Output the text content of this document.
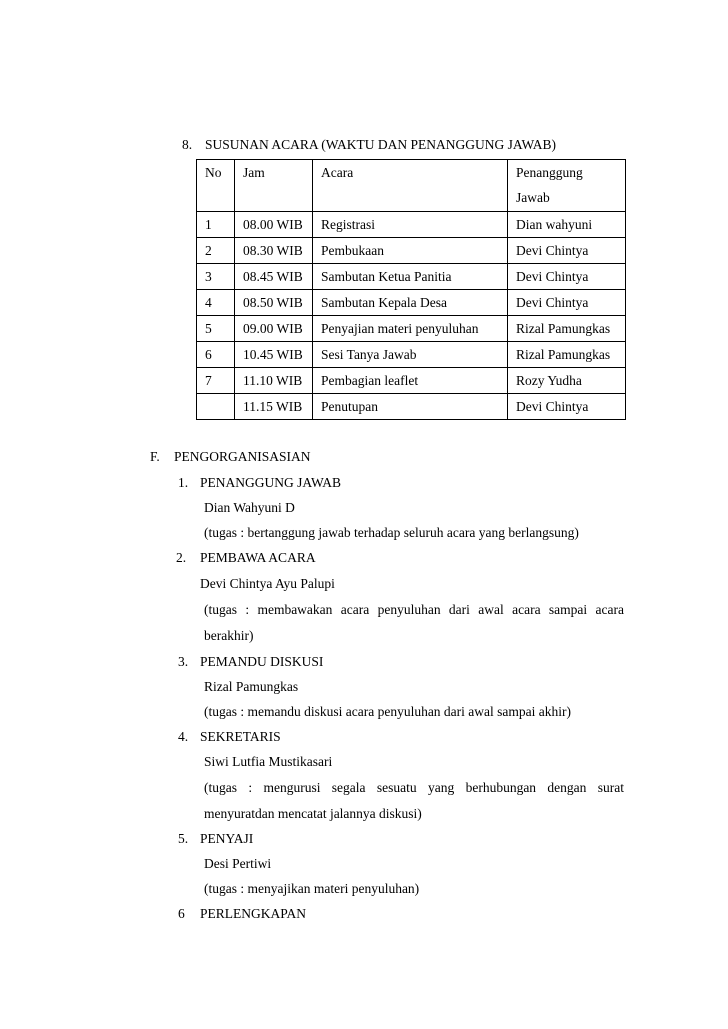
8. SUSUNAN ACARA (WAKTU DAN PENANGGUNG JAWAB)
No	Jam	Acara	Penanggung
Jawab
1	08.00 WIB	Registrasi	Dian wahyuni
2	08.30 WIB	Pembukaan	Devi Chintya
3	08.45 WIB	Sambutan Ketua Panitia	Devi Chintya
4	08.50 WIB	Sambutan Kepala Desa	Devi Chintya
5	09.00 WIB	Penyajian materi penyuluhan	Rizal Pamungkas
6	10.45 WIB	Sesi Tanya Jawab	Rizal Pamungkas
7	11.10 WIB	Pembagian leaflet	Rozy Yudha
	11.15 WIB	Penutupan	Devi Chintya
F. PENGORGANISASIAN
1. PENANGGUNG JAWAB
Dian Wahyuni D
(tugas : bertanggung jawab terhadap seluruh acara yang berlangsung)
2. PEMBAWA ACARA
Devi Chintya Ayu Palupi
(tugas : membawakan acara penyuluhan dari awal acara sampai acara
berakhir)
3. PEMANDU DISKUSI
Rizal Pamungkas
(tugas : memandu diskusi acara penyuluhan dari awal sampai akhir)
4. SEKRETARIS
Siwi Lutfia Mustikasari
(tugas : mengurusi segala sesuatu yang berhubungan dengan surat
menyuratdan mencatat jalannya diskusi)
5. PENYAJI
Desi Pertiwi
(tugas : menyajikan materi penyuluhan)
6 PERLENGKAPAN
